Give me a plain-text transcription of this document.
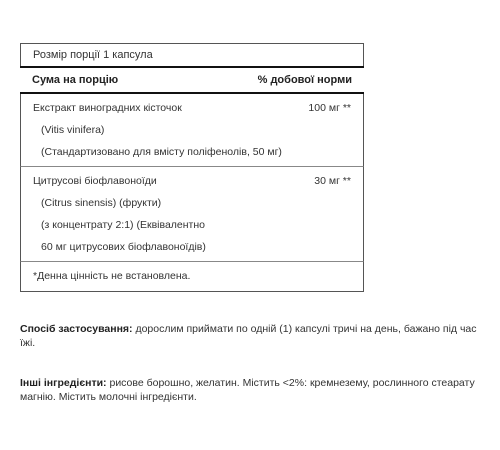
Розмір порції 1 капсула
Сума на порцію	% добової норми
Екстракт виноградних кісточок	100 мг **
(Vitis vinifera)
(Стандартизовано для вмісту поліфенолів, 50 мг)
Цитрусові біофлавоноїди	30 мг **
(Citrus sinensis) (фрукти)
(з концентрату 2:1) (Еквівалентно
60 мг цитрусових біофлавоноїдів)
*Денна цінність не встановлена.
Спосіб застосування: дорослим приймати по одній (1) капсулі тричі на день, бажано під час їжі.
Інші інгредієнти: рисове борошно, желатин. Містить <2%: кремнезему, рослинного стеарату магнію. Містить молочні інгредієнти.
